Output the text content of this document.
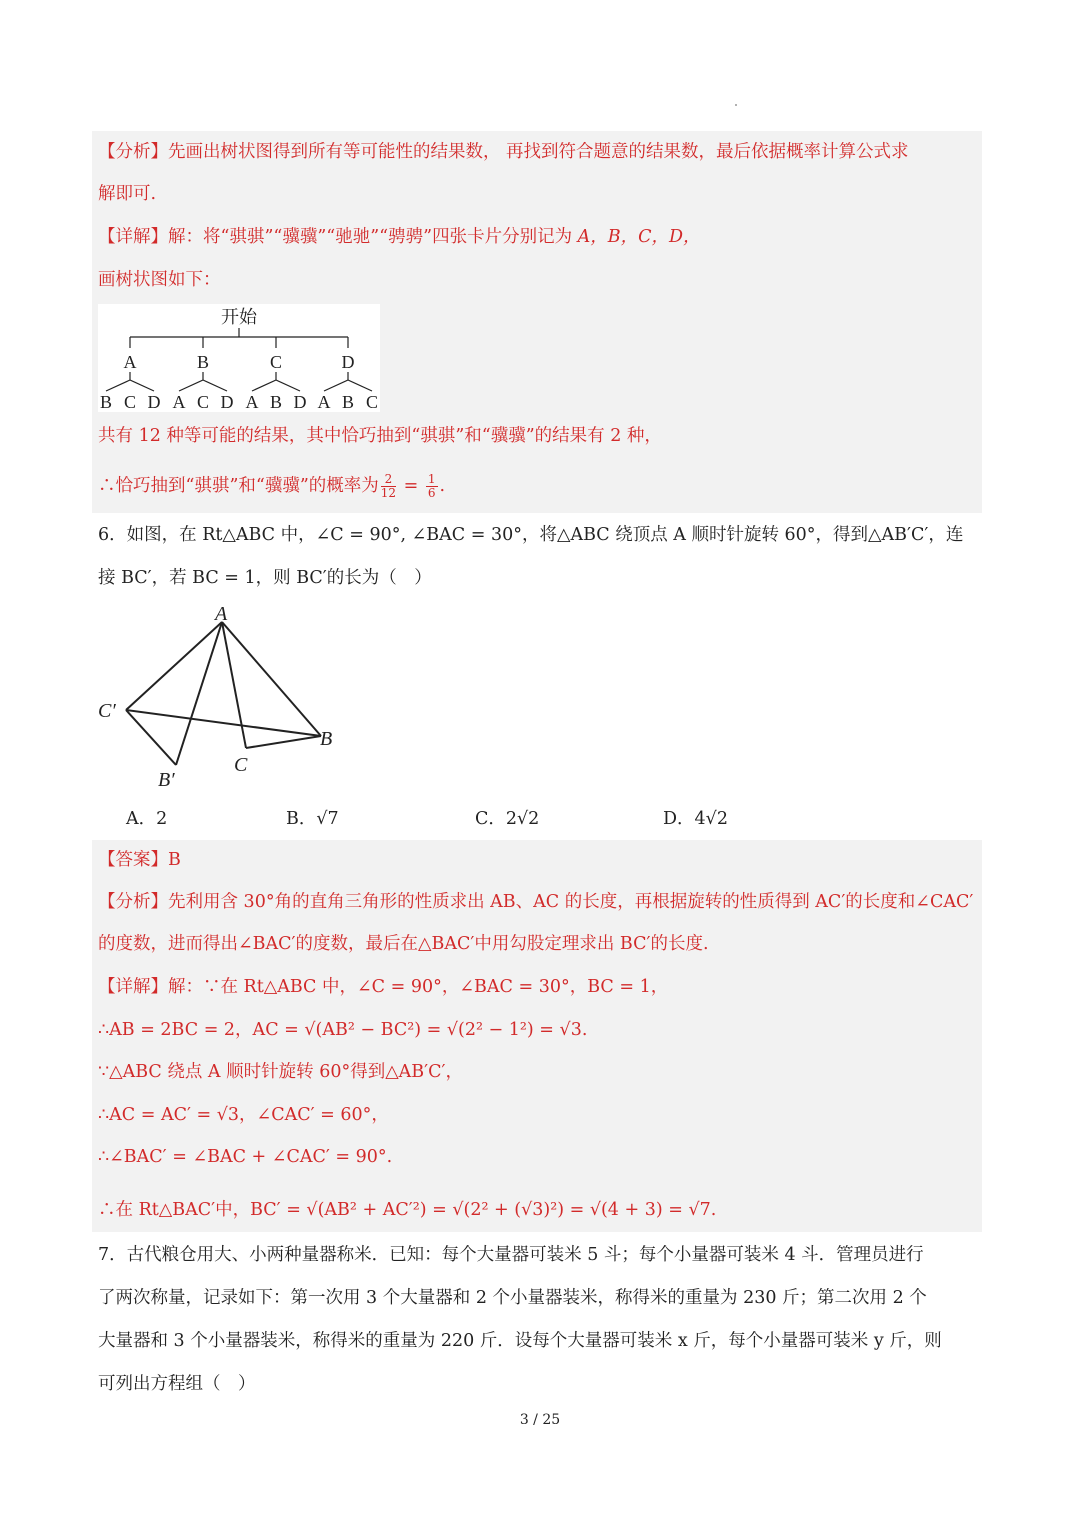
【分析】先画出树状图得到所有等可能性的结果数， 再找到符合题意的结果数，最后依据概率计算公式求
解即可.
【详解】解：将“骐骐”“骥骥”“驰驰”“骋骋”四张卡片分别记为 A，B，C，D，
画树状图如下：
开始
A	B	C	D
B C D A C D A B D A B C
共有 12 种等可能的结果，其中恰巧抽到“骐骐”和“骥骥”的结果有 2 种，
∴恰巧抽到“骐骐”和“骥骥”的概率为 $\frac{2}{12} = \frac{1}{6}$ .
6．如图，在 Rt△ABC 中，∠C = 90°, ∠BAC = 30°，将△ABC 绕顶点 A 顺时针旋转 60°，得到△AB′C′，连
接 BC′，若 BC = 1，则 BC′的长为（　）
A
C′
B
C
B′
A．2	B．√7	C．2√2	D．4√2
【答案】B
【分析】先利用含 30°角的直角三角形的性质求出 AB、AC 的长度，再根据旋转的性质得到 AC′的长度和∠CAC′
的度数，进而得出∠BAC′的度数，最后在△BAC′中用勾股定理求出 BC′的长度.
【详解】解：∵在 Rt△ABC 中，∠C = 90°，∠BAC = 30°，BC = 1，
∴AB = 2BC = 2，AC = √(AB² − BC²) = √(2² − 1²) = √3.
∵△ABC 绕点 A 顺时针旋转 60°得到△AB′C′，
∴AC = AC′ = √3，∠CAC′ = 60°，
∴∠BAC′ = ∠BAC + ∠CAC′ = 90°.
∴在 Rt△BAC′中，BC′ = √(AB² + AC′²) = √(2² + (√3)²) = √(4 + 3) = √7.
7．古代粮仓用大、小两种量器称米．已知：每个大量器可装米 5 斗；每个小量器可装米 4 斗．管理员进行
了两次称量，记录如下：第一次用 3 个大量器和 2 个小量器装米，称得米的重量为 230 斤；第二次用 2 个
大量器和 3 个小量器装米，称得米的重量为 220 斤．设每个大量器可装米 x 斤，每个小量器可装米 y 斤，则
可列出方程组（　）
3 / 25
